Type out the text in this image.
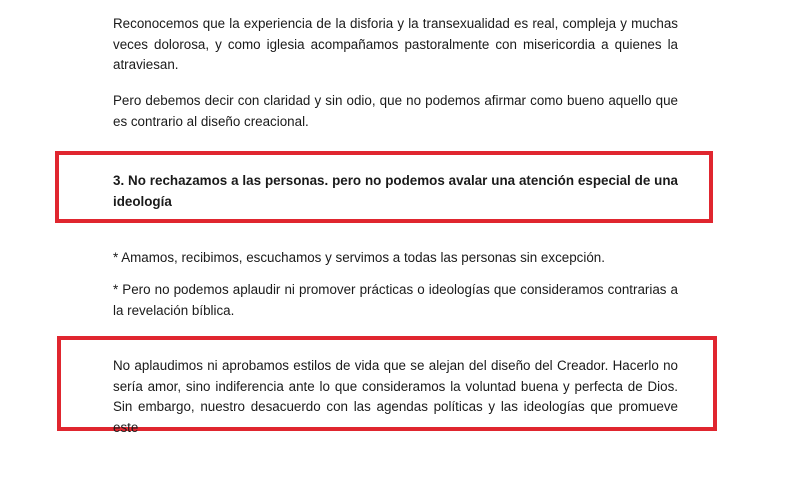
Reconocemos que la experiencia de la disforia y la transexualidad es real, compleja y muchas veces dolorosa, y como iglesia acompañamos pastoralmente con misericordia a quienes la atraviesan.

Pero debemos decir con claridad y sin odio, que no podemos afirmar como bueno aquello que es contrario al diseño creacional.

3. No rechazamos a las personas. pero no podemos avalar una atención especial de una ideología

* Amamos, recibimos, escuchamos y servimos a todas las personas sin excepción.

* Pero no podemos aplaudir ni promover prácticas o ideologías que consideramos contrarias a la revelación bíblica.

No aplaudimos ni aprobamos estilos de vida que se alejan del diseño del Creador. Hacerlo no sería amor, sino indiferencia ante lo que consideramos la voluntad buena y perfecta de Dios. Sin embargo, nuestro desacuerdo con las agendas políticas y las ideologías que promueve este
